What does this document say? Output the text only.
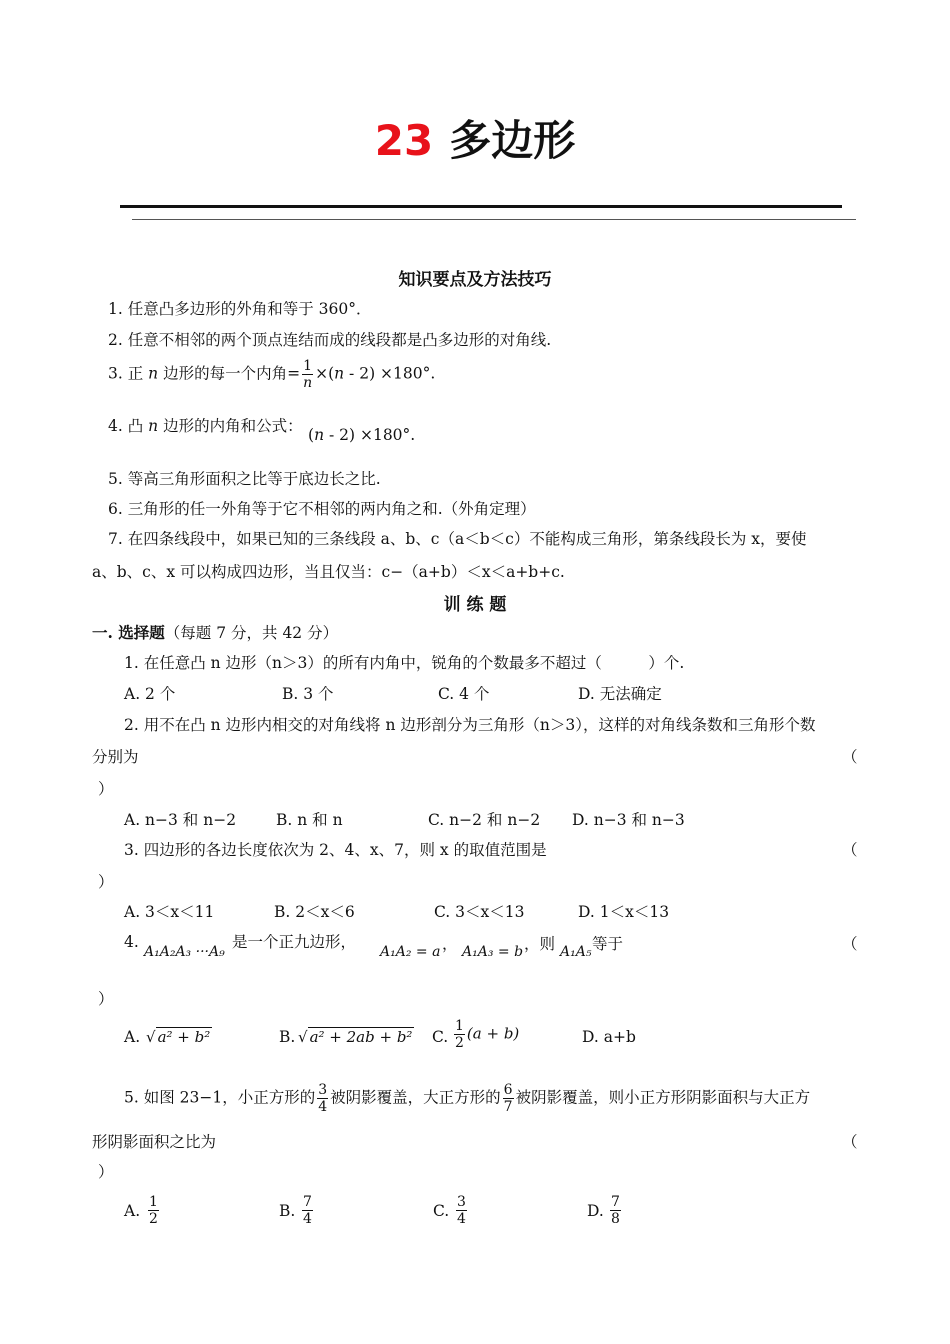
23 多边形
知识要点及方法技巧
1. 任意凸多边形的外角和等于 360°．
2. 任意不相邻的两个顶点连结而成的线段都是凸多边形的对角线.
3. 正 n 边形的每一个内角= $\frac{1}{n} \times(n - 2) \times 180^\circ$.
4. 凸 n 边形的内角和公式： (n - 2) ×180°.
5. 等高三角形面积之比等于底边长之比.
6. 三角形的任一外角等于它不相邻的两内角之和.（外角定理）
7. 在四条线段中，如果已知的三条线段 a、b、c（a＜b＜c）不能构成三角形，第条线段长为 x，要使
a、b、c、x 可以构成四边形，当且仅当：c−（a+b）＜x＜a+b+c.
训 练 题
一. 选择题（每题 7 分，共 42 分）
1. 在任意凸 n 边形（n＞3）的所有内角中，锐角的个数最多不超过（　　　）个.
A. 2 个	B. 3 个	C. 4 个	D. 无法确定
2. 用不在凸 n 边形内相交的对角线将 n 边形剖分为三角形（n＞3），这样的对角线条数和三角形个数
分别为	（
）
A. n−3 和 n−2	B. n 和 n	C. n−2 和 n−2 D. n−3 和 n−3
3. 四边形的各边长度依次为 2、4、x、7，则 x 的取值范围是	（
）
A. 3＜x＜11	B. 2＜x＜6	C. 3＜x＜13	D. 1＜x＜13
4.
A₁A₂A₃ ···A₉
是一个正九边形，
A₁A₂ = a ， A₁A₃ = b ，则 A₁A₅ 等于	（
）
A. √ a² + b²	B. √ a² + 2ab + b² C. $\frac{1}{2} (a + b)$	D. a+b
5. 如图 23−1，小正方形的 $\frac{3}{4}$ 被阴影覆盖，大正方形的 $\frac{6}{7}$ 被阴影覆盖，则小正方形阴影面积与大正方
形阴影面积之比为	（
）
A. $\frac{1}{2}$	B. $\frac{7}{4}$	C. $\frac{3}{4}$	D. $\frac{7}{8}$
